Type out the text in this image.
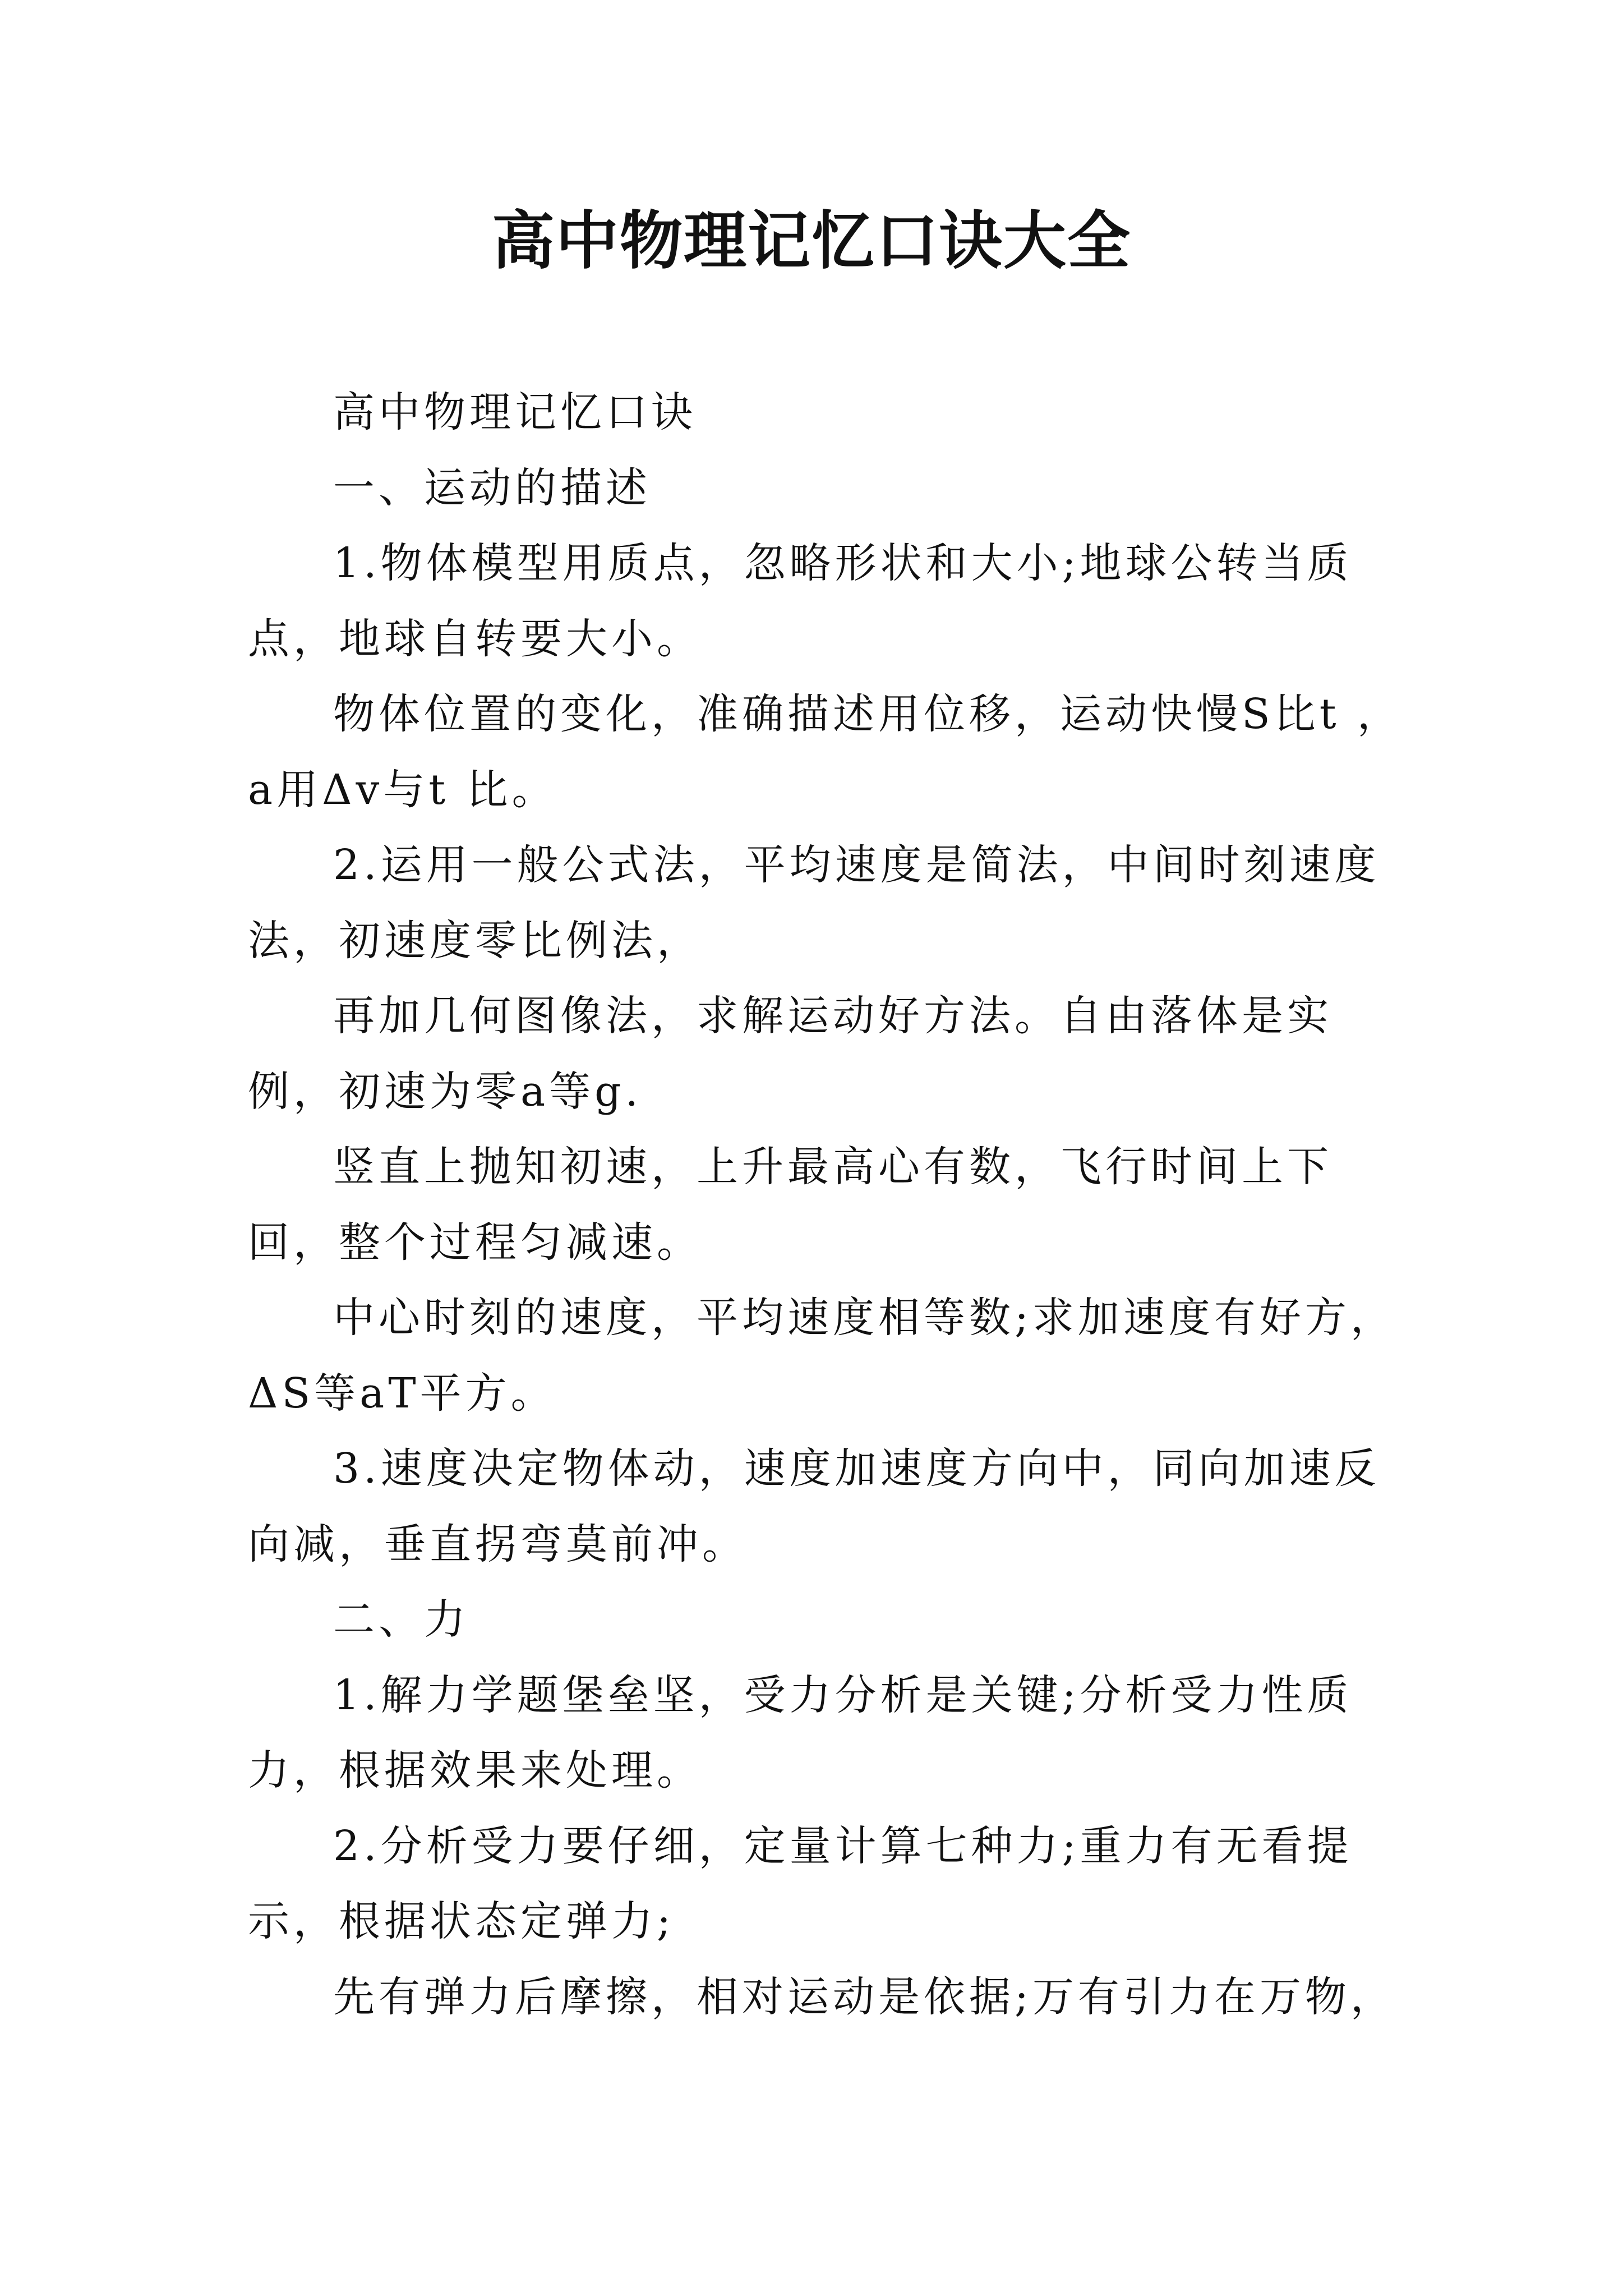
高中物理记忆口诀大全

高中物理记忆口诀

一、运动的描述

1.物体模型用质点，忽略形状和大小;地球公转当质点，地球自转要大小。

物体位置的变化，准确描述用位移，运动快慢S比t ，a用Δv与t 比。

2.运用一般公式法，平均速度是简法，中间时刻速度法，初速度零比例法，

再加几何图像法，求解运动好方法。自由落体是实例，初速为零a等g.

竖直上抛知初速，上升最高心有数，飞行时间上下回，整个过程匀减速。

中心时刻的速度，平均速度相等数;求加速度有好方，ΔS等aT平方。

3.速度决定物体动，速度加速度方向中，同向加速反向减，垂直拐弯莫前冲。

二、力

1.解力学题堡垒坚，受力分析是关键;分析受力性质力，根据效果来处理。

2.分析受力要仔细，定量计算七种力;重力有无看提示，根据状态定弹力;

先有弹力后摩擦，相对运动是依据;万有引力在万物，
